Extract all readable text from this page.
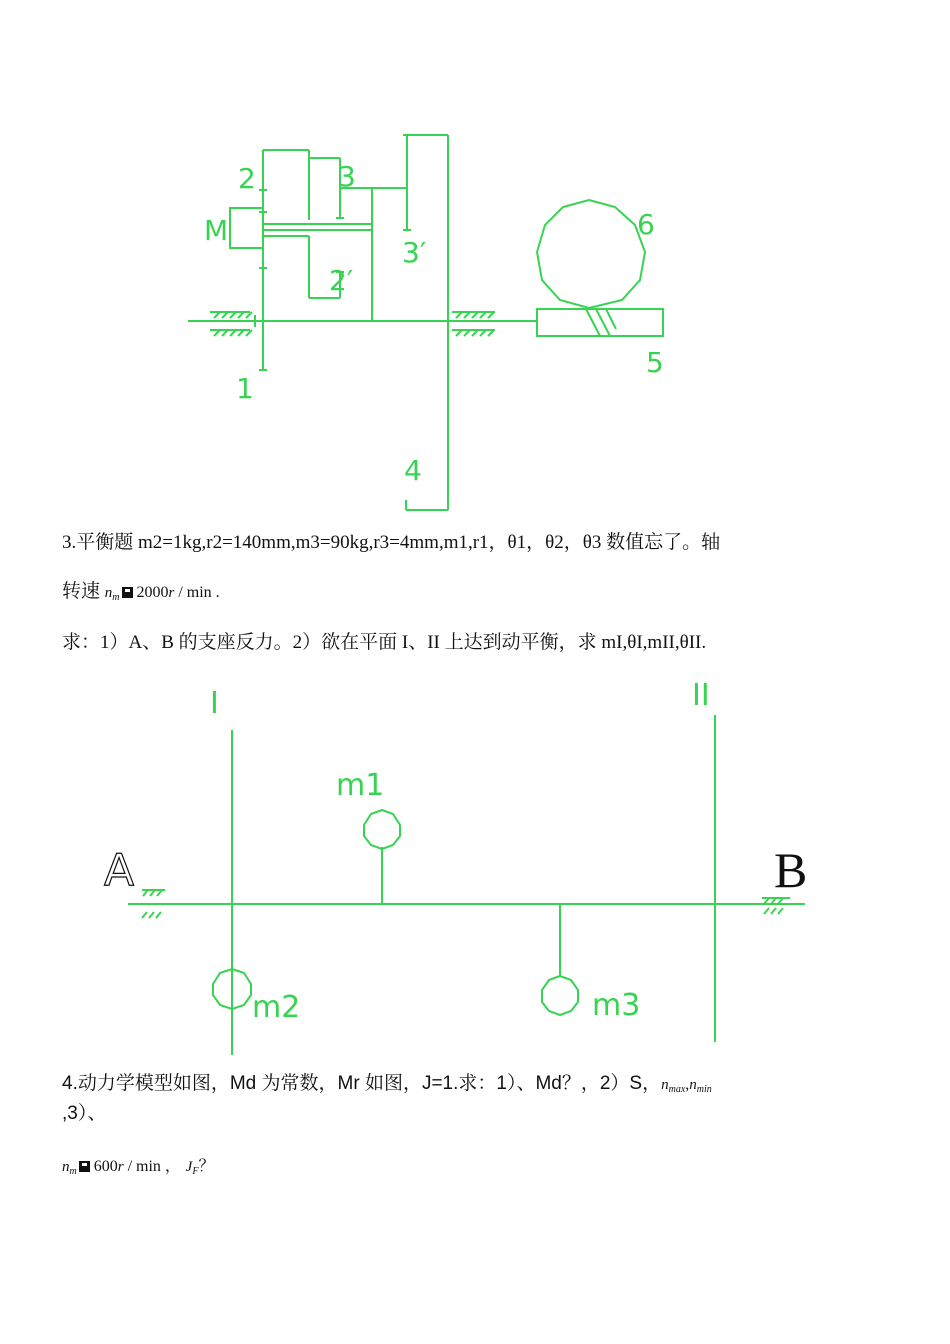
2	3
M
3′
2′
1
4
6
5
3.平衡题 m2=1kg,r2=140mm,m3=90kg,r3=4mm,m1,r1，θ1，θ2，θ3 数值忘了。轴
转速 $n_m$ 2000r / min .
求：1）A、B 的支座反力。2）欲在平面 I、II 上达到动平衡，求 mI,θI,mII,θII.
I	II
m1
m2	m3
A	B
4.动力学模型如图，Md 为常数，Mr 如图，J=1.求：1）、Md？，2）S，$n_{max},n_{min}$
,3）、
$n_m$ 600r / min ， $J_F$？
